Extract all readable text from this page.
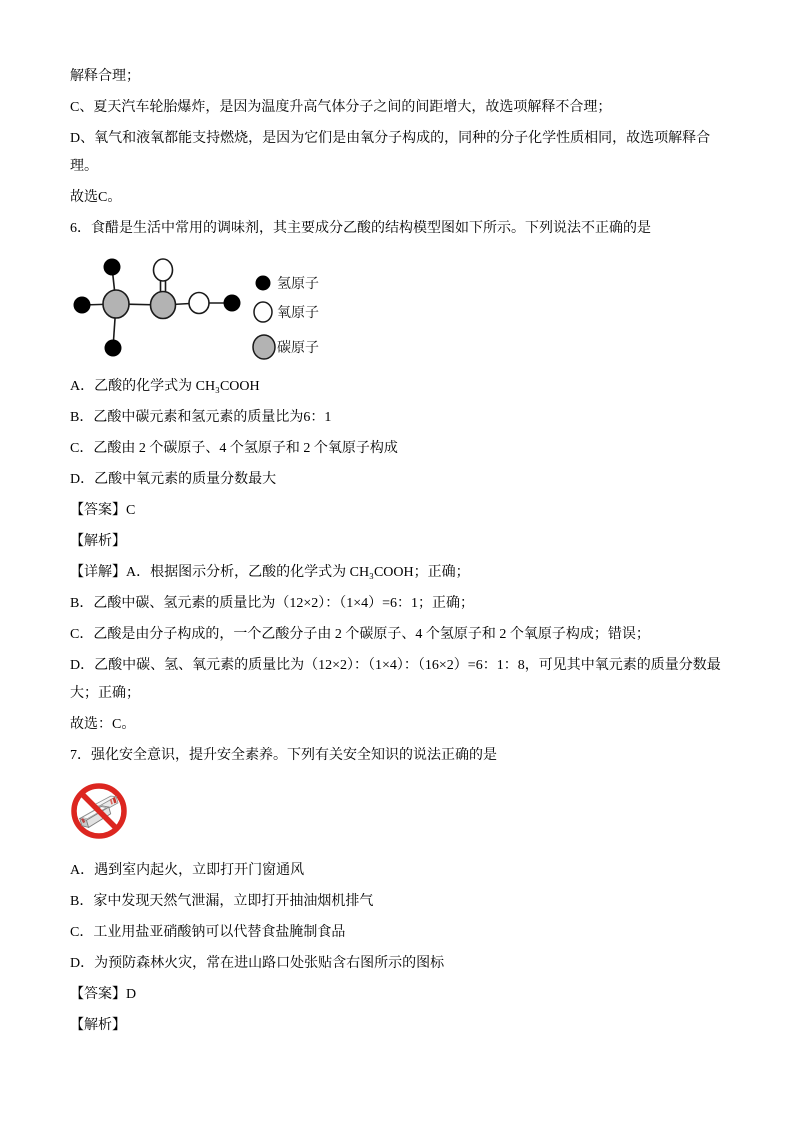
解释合理；

C、夏天汽车轮胎爆炸，是因为温度升高气体分子之间的间距增大，故选项解释不合理；

D、氧气和液氧都能支持燃烧，是因为它们是由氧分子构成的，同种的分子化学性质相同，故选项解释合理。

故选C。

6．食醋是生活中常用的调味剂，其主要成分乙酸的结构模型图如下所示。下列说法不正确的是

氢原子
氧原子
碳原子

A．乙酸的化学式为 CH₃COOH

B．乙酸中碳元素和氢元素的质量比为6：1

C．乙酸由 2 个碳原子、4 个氢原子和 2 个氧原子构成

D．乙酸中氧元素的质量分数最大

【答案】C

【解析】

【详解】A．根据图示分析，乙酸的化学式为 CH₃COOH；正确；

B．乙酸中碳、氢元素的质量比为（12×2）：（1×4）=6：1；正确；

C．乙酸是由分子构成的，一个乙酸分子由 2 个碳原子、4 个氢原子和 2 个氧原子构成；错误；

D．乙酸中碳、氢、氧元素的质量比为（12×2）：（1×4）：（16×2）=6：1：8，可见其中氧元素的质量分数最大；正确；

故选：C。

7．强化安全意识，提升安全素养。下列有关安全知识的说法正确的是

A．遇到室内起火，立即打开门窗通风

B．家中发现天然气泄漏，立即打开抽油烟机排气

C．工业用盐亚硝酸钠可以代替食盐腌制食品

D．为预防森林火灾，常在进山路口处张贴含右图所示的图标

【答案】D

【解析】
